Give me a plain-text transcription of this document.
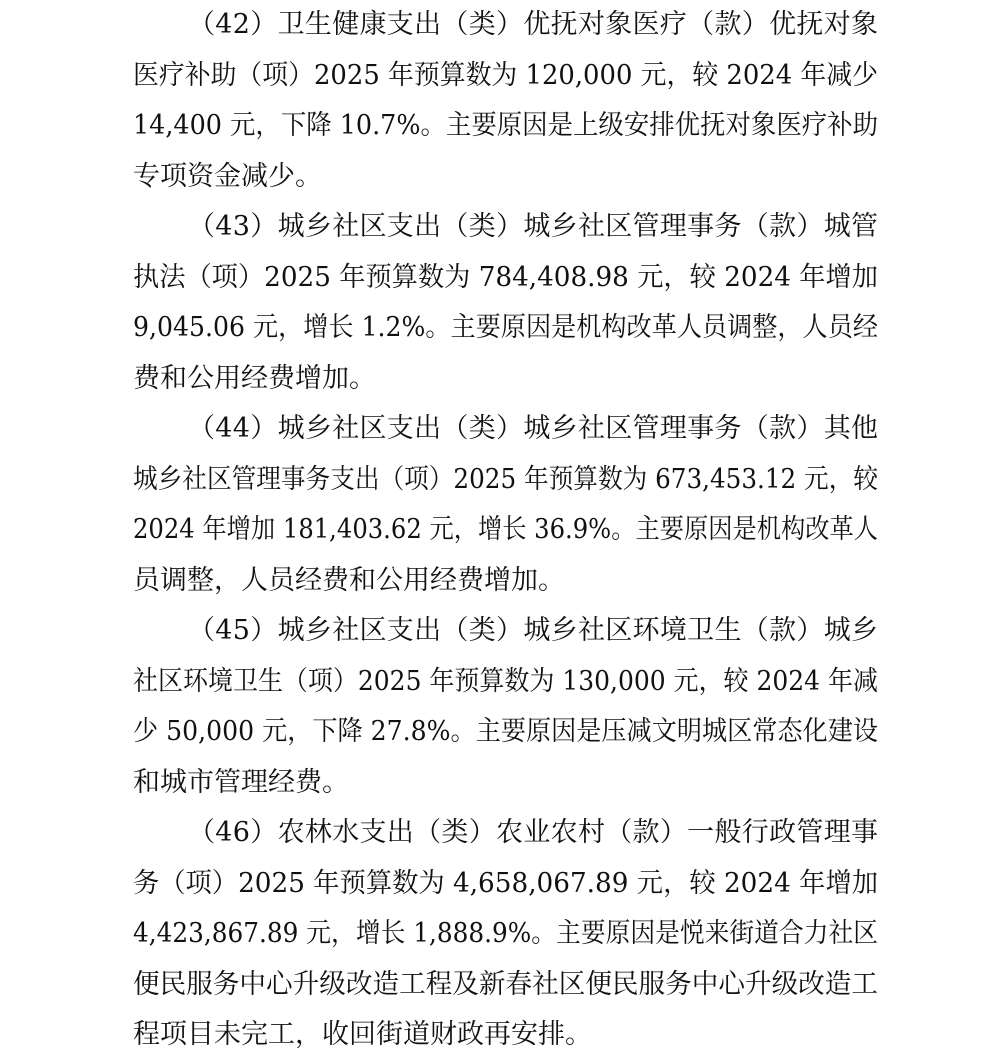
（42）卫生健康支出（类）优抚对象医疗（款）优抚对象
医疗补助（项）2025 年预算数为 120,000 元，较 2024 年减少
14,400 元，下降 10.7%。主要原因是上级安排优抚对象医疗补助
专项资金减少。
（43）城乡社区支出（类）城乡社区管理事务（款）城管
执法（项）2025 年预算数为 784,408.98 元，较 2024 年增加
9,045.06 元，增长 1.2%。主要原因是机构改革人员调整，人员经
费和公用经费增加。
（44）城乡社区支出（类）城乡社区管理事务（款）其他
城乡社区管理事务支出（项）2025 年预算数为 673,453.12 元，较
2024 年增加 181,403.62 元，增长 36.9%。主要原因是机构改革人
员调整，人员经费和公用经费增加。
（45）城乡社区支出（类）城乡社区环境卫生（款）城乡
社区环境卫生（项）2025 年预算数为 130,000 元，较 2024 年减
少 50,000 元，下降 27.8%。主要原因是压减文明城区常态化建设
和城市管理经费。
（46）农林水支出（类）农业农村（款）一般行政管理事
务（项）2025 年预算数为 4,658,067.89 元，较 2024 年增加
4,423,867.89 元，增长 1,888.9%。主要原因是悦来街道合力社区
便民服务中心升级改造工程及新春社区便民服务中心升级改造工
程项目未完工，收回街道财政再安排。
